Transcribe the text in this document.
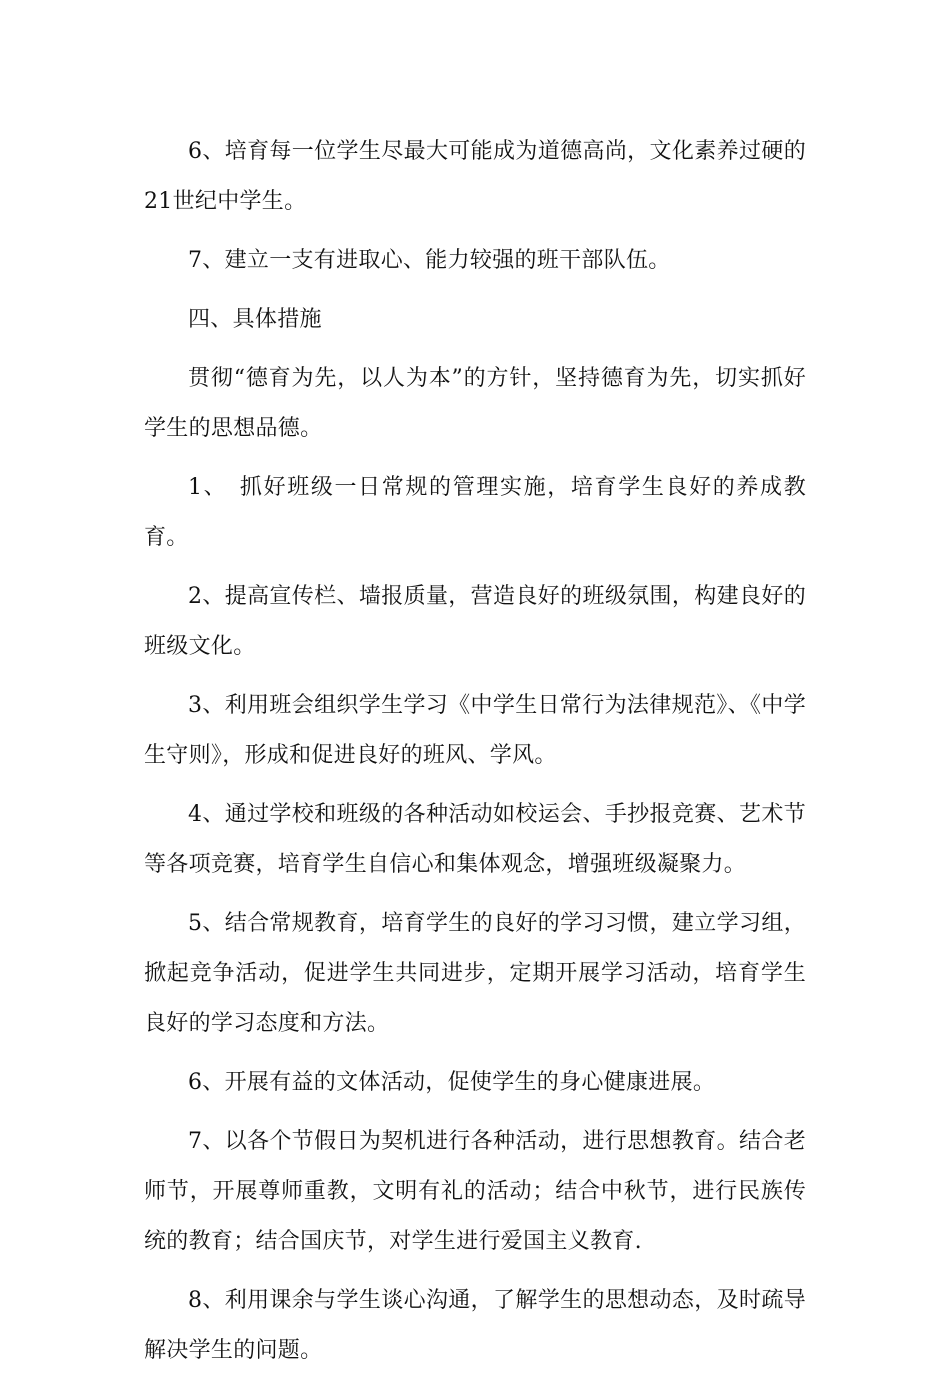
6、培育每一位学生尽最大可能成为道德高尚，文化素养过硬的21世纪中学生。

7、建立一支有进取心、能力较强的班干部队伍。

四、具体措施

贯彻“德育为先，以人为本”的方针，坚持德育为先，切实抓好学生的思想品德。

1、　抓好班级一日常规的管理实施，培育学生良好的养成教育。

2、提高宣传栏、墙报质量，营造良好的班级氛围，构建良好的班级文化。

3、利用班会组织学生学习《中学生日常行为法律规范》、《中学生守则》，形成和促进良好的班风、学风。

4、通过学校和班级的各种活动如校运会、手抄报竞赛、艺术节等各项竞赛，培育学生自信心和集体观念，增强班级凝聚力。

5、结合常规教育，培育学生的良好的学习习惯，建立学习组，掀起竞争活动，促进学生共同进步，定期开展学习活动，培育学生良好的学习态度和方法。

6、开展有益的文体活动，促使学生的身心健康进展。

7、以各个节假日为契机进行各种活动，进行思想教育。结合老师节，开展尊师重教，文明有礼的活动；结合中秋节，进行民族传统的教育；结合国庆节，对学生进行爱国主义教育.

8、利用课余与学生谈心沟通，了解学生的思想动态，及时疏导解决学生的问题。
